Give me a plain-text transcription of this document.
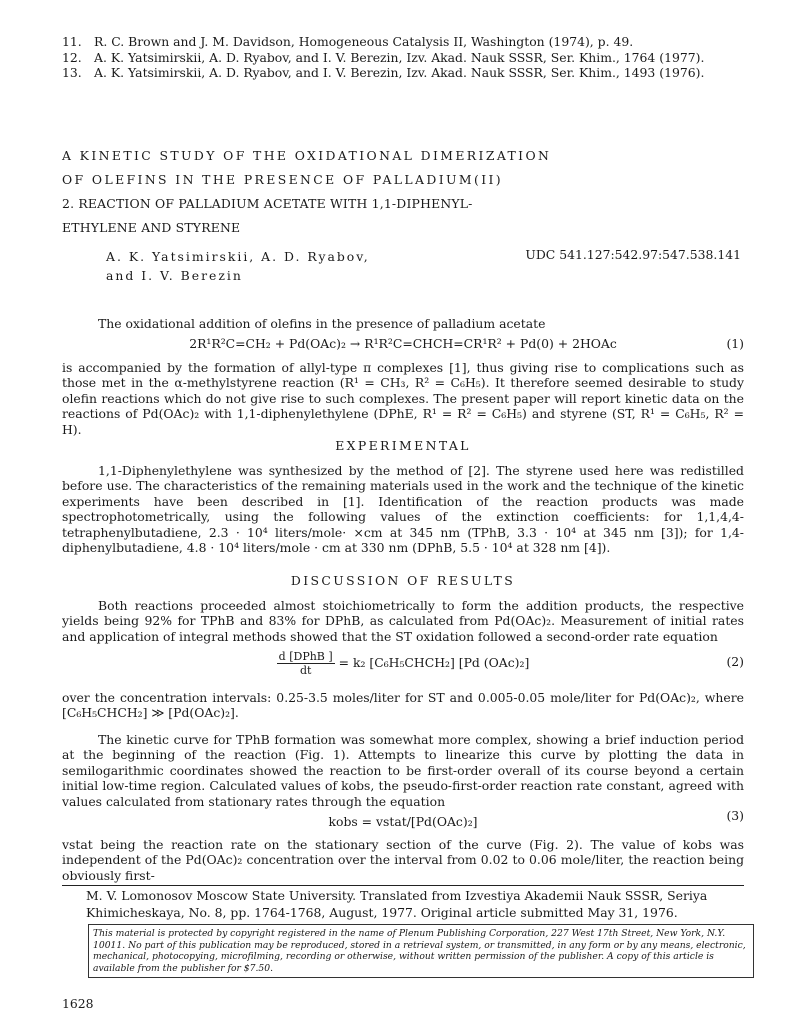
11. R. C. Brown and J. M. Davidson, Homogeneous Catalysis II, Washington (1974), p. 49.
12. A. K. Yatsimirskii, A. D. Ryabov, and I. V. Berezin, Izv. Akad. Nauk SSSR, Ser. Khim., 1764 (1977).
13. A. K. Yatsimirskii, A. D. Ryabov, and I. V. Berezin, Izv. Akad. Nauk SSSR, Ser. Khim., 1493 (1976).
A KINETIC STUDY OF THE OXIDATIONAL DIMERIZATION
OF OLEFINS IN THE PRESENCE OF PALLADIUM(II)
2. REACTION OF PALLADIUM ACETATE WITH 1,1-DIPHENYL-
ETHYLENE AND STYRENE
A. K. Yatsimirskii, A. D. Ryabov,
and I. V. Berezin
UDC 541.127:542.97:547.538.141
The oxidational addition of olefins in the presence of palladium acetate
2R¹R²C=CH₂ + Pd(OAc)₂ → R¹R²C=CHCH=CR¹R² + Pd(0) + 2HOAc	(1)
is accompanied by the formation of allyl-type π complexes [1], thus giving rise to complications such as those met in the α-methylstyrene reaction (R¹ = CH₃, R² = C₆H₅). It therefore seemed desirable to study olefin reactions which do not give rise to such complexes. The present paper will report kinetic data on the reactions of Pd(OAc)₂ with 1,1-diphenylethylene (DPhE, R¹ = R² = C₆H₅) and styrene (ST, R¹ = C₆H₅, R² = H).
EXPERIMENTAL
1,1-Diphenylethylene was synthesized by the method of [2]. The styrene used here was redistilled before use. The characteristics of the remaining materials used in the work and the technique of the kinetic experiments have been described in [1]. Identification of the reaction products was made spectrophotometrically, using the following values of the extinction coefficients: for 1,1,4,4-tetraphenylbutadiene, 2.3 · 10⁴ liters/mole· ×cm at 345 nm (TPhB, 3.3 · 10⁴ at 345 nm [3]); for 1,4-diphenylbutadiene, 4.8 · 10⁴ liters/mole · cm at 330 nm (DPhB, 5.5 · 10⁴ at 328 nm [4]).
DISCUSSION OF RESULTS
Both reactions proceeded almost stoichiometrically to form the addition products, the respective yields being 92% for TPhB and 83% for DPhB, as calculated from Pd(OAc)₂. Measurement of initial rates and application of integral methods showed that the ST oxidation followed a second-order rate equation
$\frac{\text{d [DPhB ]}}{dt} = k_2$ [C₆H₅CHCH₂] [Pd (OAc)₂]	(2)
over the concentration intervals: 0.25-3.5 moles/liter for ST and 0.005-0.05 mole/liter for Pd(OAc)₂, where [C₆H₅CHCH₂] ≫ [Pd(OAc)₂].
The kinetic curve for TPhB formation was somewhat more complex, showing a brief induction period at the beginning of the reaction (Fig. 1). Attempts to linearize this curve by plotting the data in semilogarithmic coordinates showed the reaction to be first-order overall of its course beyond a certain initial low-time region. Calculated values of kobs, the pseudo-first-order reaction rate constant, agreed with values calculated from stationary rates through the equation
kobs = vstat/[Pd(OAc)₂]	(3)
vstat being the reaction rate on the stationary section of the curve (Fig. 2). The value of kobs was independent of the Pd(OAc)₂ concentration over the interval from 0.02 to 0.06 mole/liter, the reaction being obviously first-
M. V. Lomonosov Moscow State University. Translated from Izvestiya Akademii Nauk SSSR, Seriya Khimicheskaya, No. 8, pp. 1764-1768, August, 1977. Original article submitted May 31, 1976.
This material is protected by copyright registered in the name of Plenum Publishing Corporation, 227 West 17th Street, New York, N.Y. 10011. No part of this publication may be reproduced, stored in a retrieval system, or transmitted, in any form or by any means, electronic, mechanical, photocopying, microfilming, recording or otherwise, without written permission of the publisher. A copy of this article is available from the publisher for $7.50.
1628
